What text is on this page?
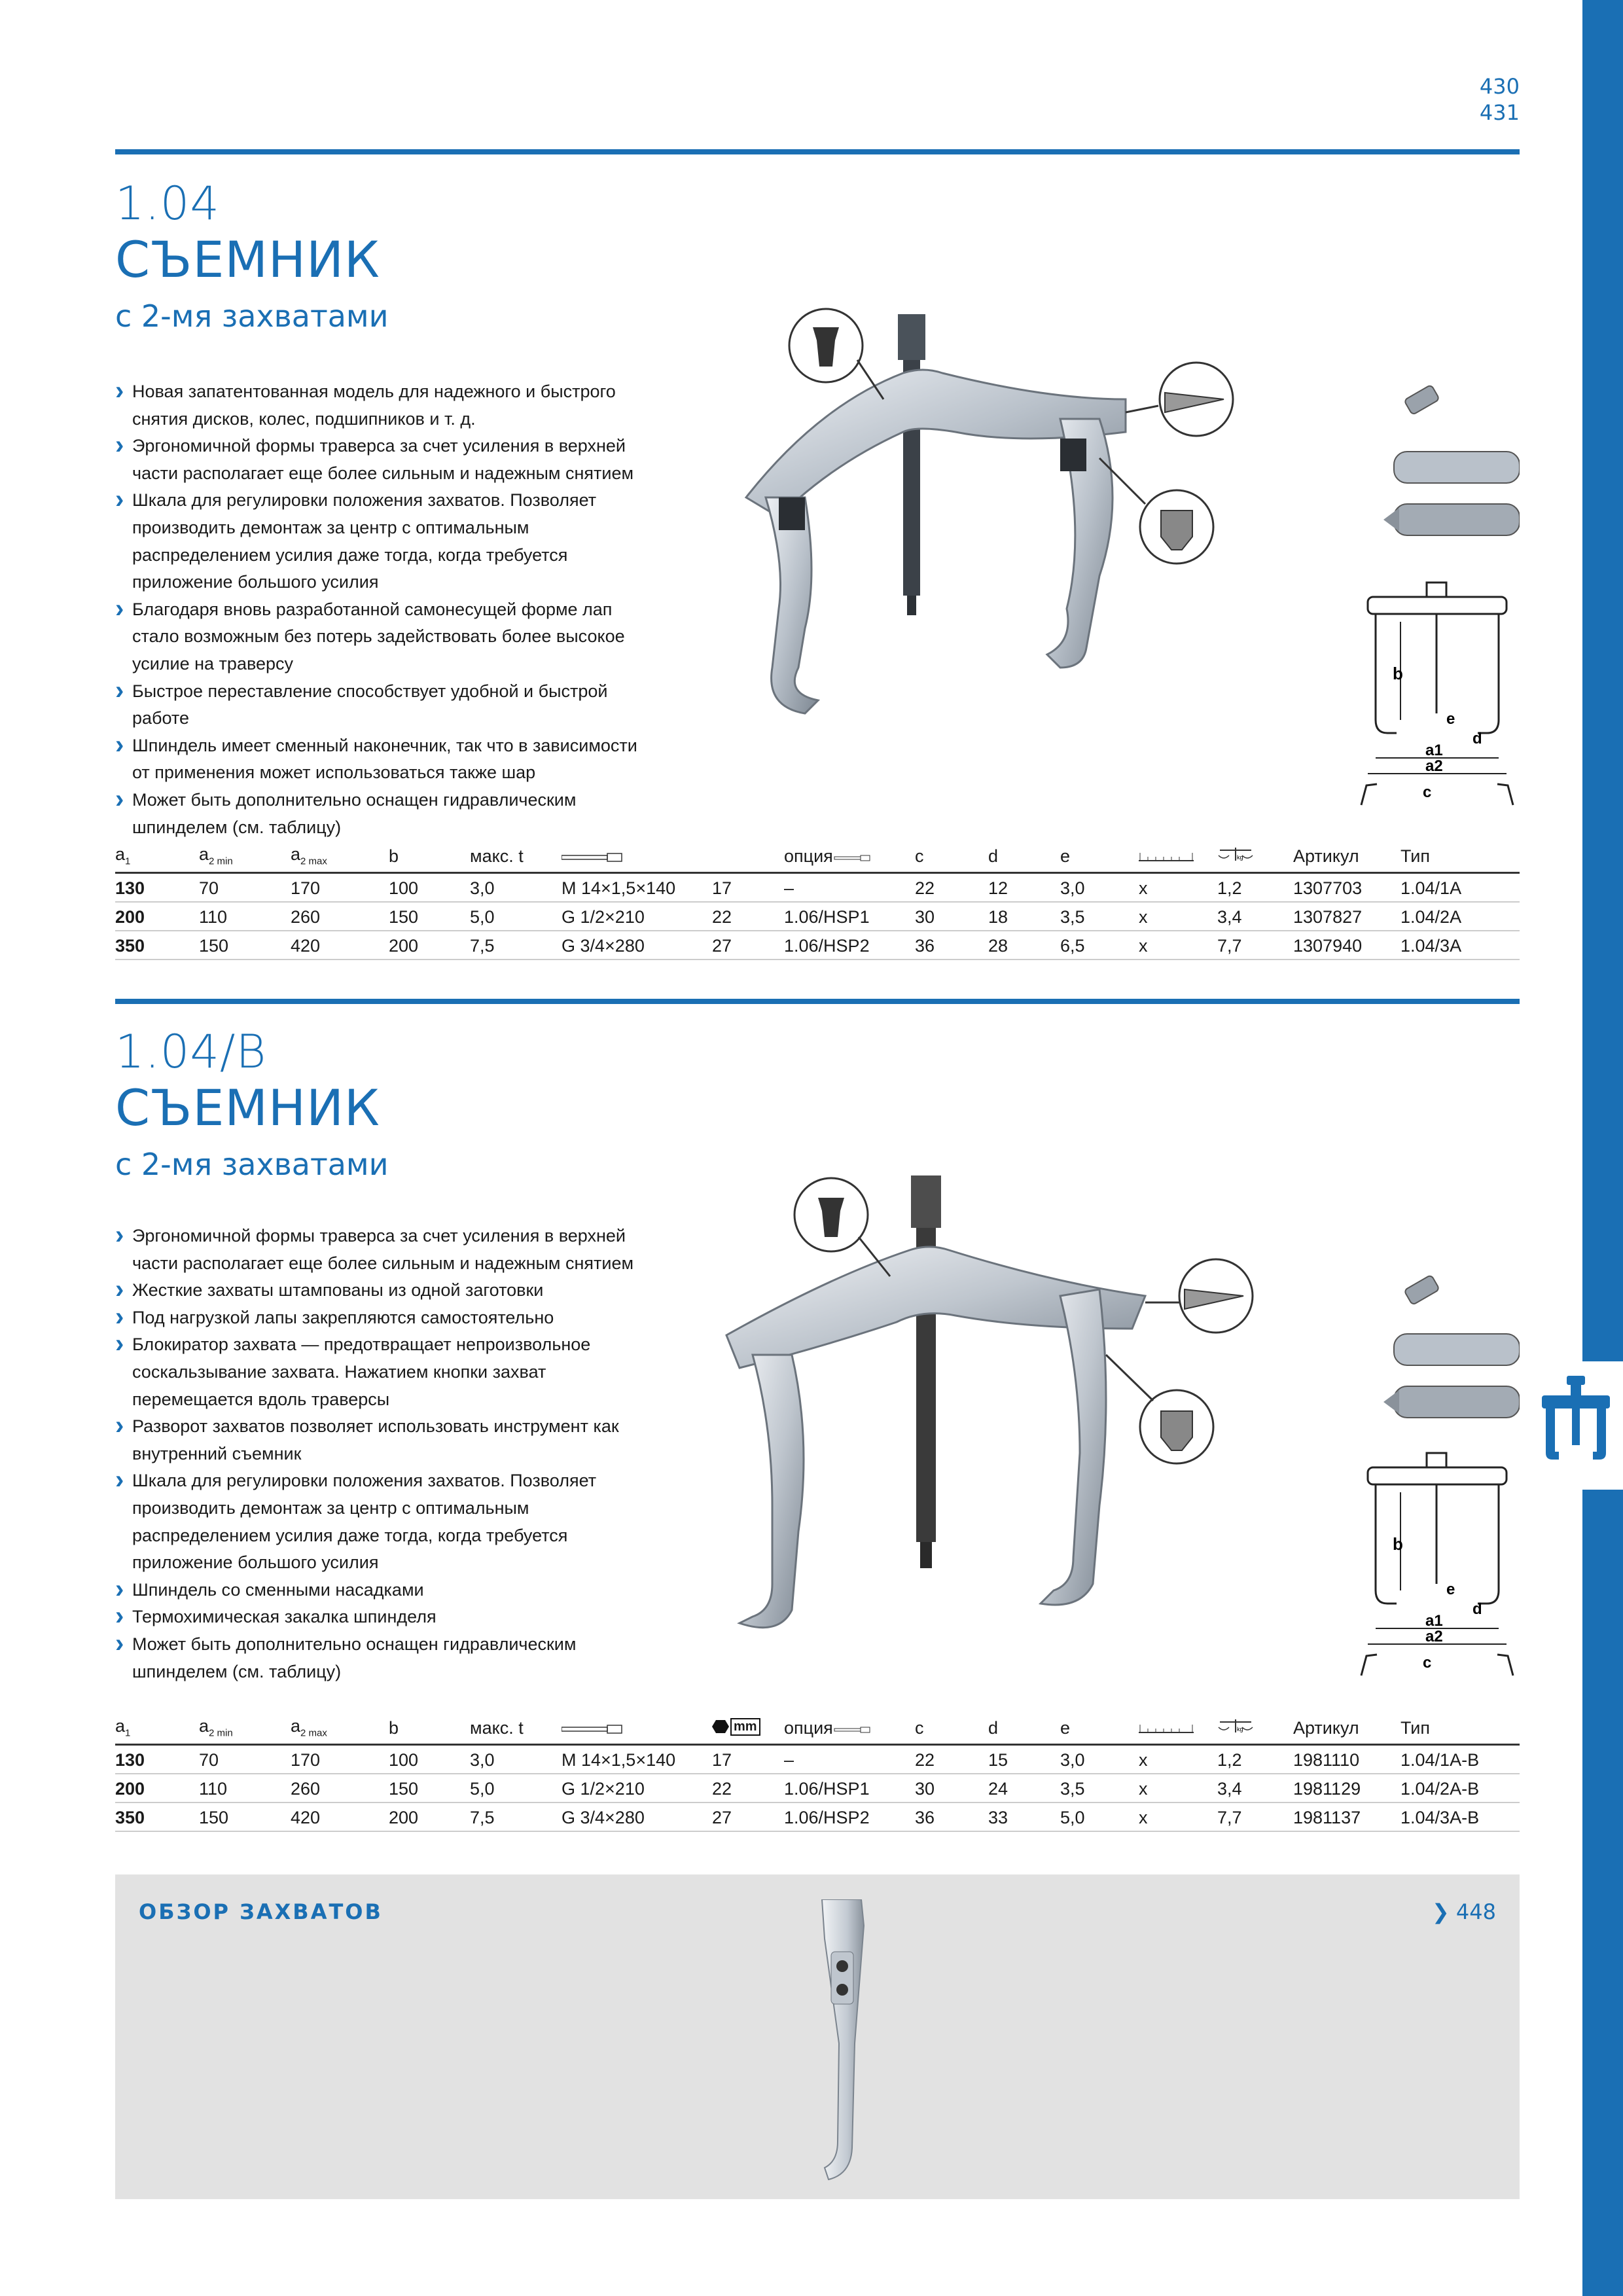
430
431
1.04
СЪЕМНИК
с 2-мя захватами
› Новая запатентованная модель для надежного и быстрого снятия дисков, колес, подшипников и т. д.
› Эргономичной формы траверса за счет усиления в верхней части располагает еще более сильным и надежным снятием
› Шкала для регулировки положения захватов. Позволяет производить демонтаж за центр с оптимальным распределением усилия даже тогда, когда требуется приложение большого усилия
› Благодаря вновь разработанной самонесущей форме лап стало возможным без потерь задействовать более высокое усилие на траверсу
› Быстрое переставление способствует удобной и быстрой работе
› Шпиндель имеет сменный наконечник, так что в зависимости от применения может использоваться также шар
› Может быть дополнительно оснащен гидравлическим шпинделем (см. таблицу)
b
e
d
a1
a2
c
$a_1$	$a_{2 min}$	$a_{2 max}$	b	макс. t			опция	c	d	e		kg	Артикул	Тип
130	70	170	100	3,0	M 14×1,5×140	17	–	22	12	3,0	x	1,2	1307703	1.04/1A
200	110	260	150	5,0	G 1/2×210	22	1.06/HSP1	30	18	3,5	x	3,4	1307827	1.04/2A
350	150	420	200	7,5	G 3/4×280	27	1.06/HSP2	36	28	6,5	x	7,7	1307940	1.04/3A
1.04/B
СЪЕМНИК
с 2-мя захватами
› Эргономичной формы траверса за счет усиления в верхней части располагает еще более сильным и надежным снятием
› Жесткие захваты штампованы из одной заготовки
› Под нагрузкой лапы закрепляются самостоятельно
› Блокиратор захвата — предотвращает непроизвольное соскальзывание захвата. Нажатием кнопки захват перемещается вдоль траверсы
› Разворот захватов позволяет использовать инструмент как внутренний съемник
› Шкала для регулировки положения захватов. Позволяет производить демонтаж за центр с оптимальным распределением усилия даже тогда, когда требуется приложение большого усилия
› Шпиндель со сменными насадками
› Термохимическая закалка шпинделя
› Может быть дополнительно оснащен гидравлическим шпинделем (см. таблицу)
b
e
d
a1
a2
c
$a_1$	$a_{2 min}$	$a_{2 max}$	b	макс. t		mm	опция	c	d	e		kg	Артикул	Тип
130	70	170	100	3,0	M 14×1,5×140	17	–	22	15	3,0	x	1,2	1981110	1.04/1A-B
200	110	260	150	5,0	G 1/2×210	22	1.06/HSP1	30	24	3,5	x	3,4	1981129	1.04/2A-B
350	150	420	200	7,5	G 3/4×280	27	1.06/HSP2	36	33	5,0	x	7,7	1981137	1.04/3A-B
ОБЗОР ЗАХВАТОВ	❯ 448
